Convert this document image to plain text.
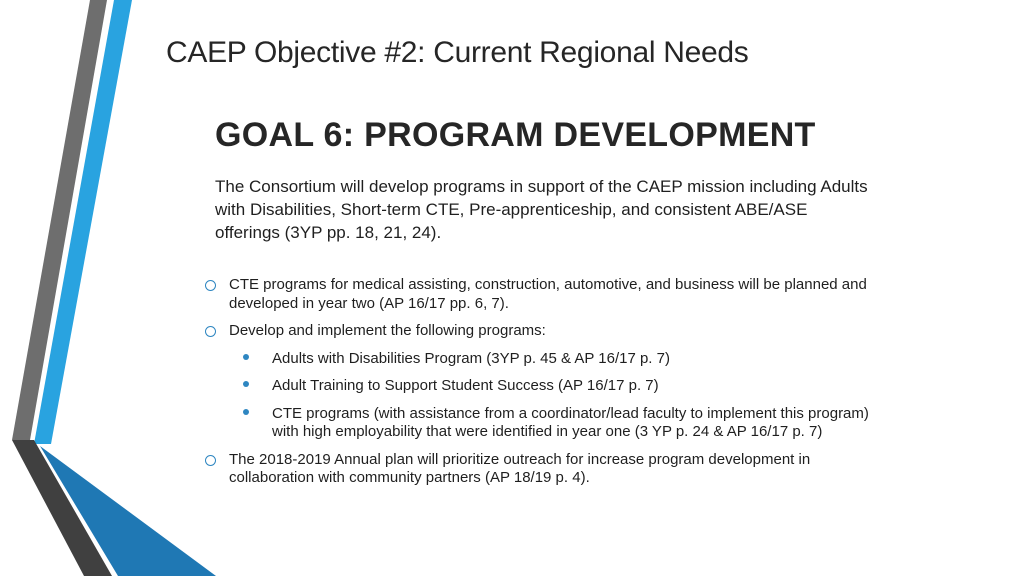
CAEP Objective #2: Current Regional Needs
GOAL 6: PROGRAM DEVELOPMENT

The Consortium will develop programs in support of the CAEP mission including Adults with Disabilities, Short-term CTE, Pre-apprenticeship, and consistent ABE/ASE offerings (3YP pp. 18, 21, 24).

CTE programs for medical assisting, construction, automotive, and business will be planned and developed in year two (AP 16/17 pp. 6, 7).
Develop and implement the following programs:
Adults with Disabilities Program (3YP p. 45 & AP 16/17 p. 7)
Adult Training to Support Student Success (AP 16/17 p. 7)
CTE programs (with assistance from a coordinator/lead faculty to implement this program) with high employability that were identified in year one (3 YP p. 24 & AP 16/17 p. 7)
The 2018-2019 Annual plan will prioritize outreach for increase program development in collaboration with community partners (AP 18/19 p. 4).
